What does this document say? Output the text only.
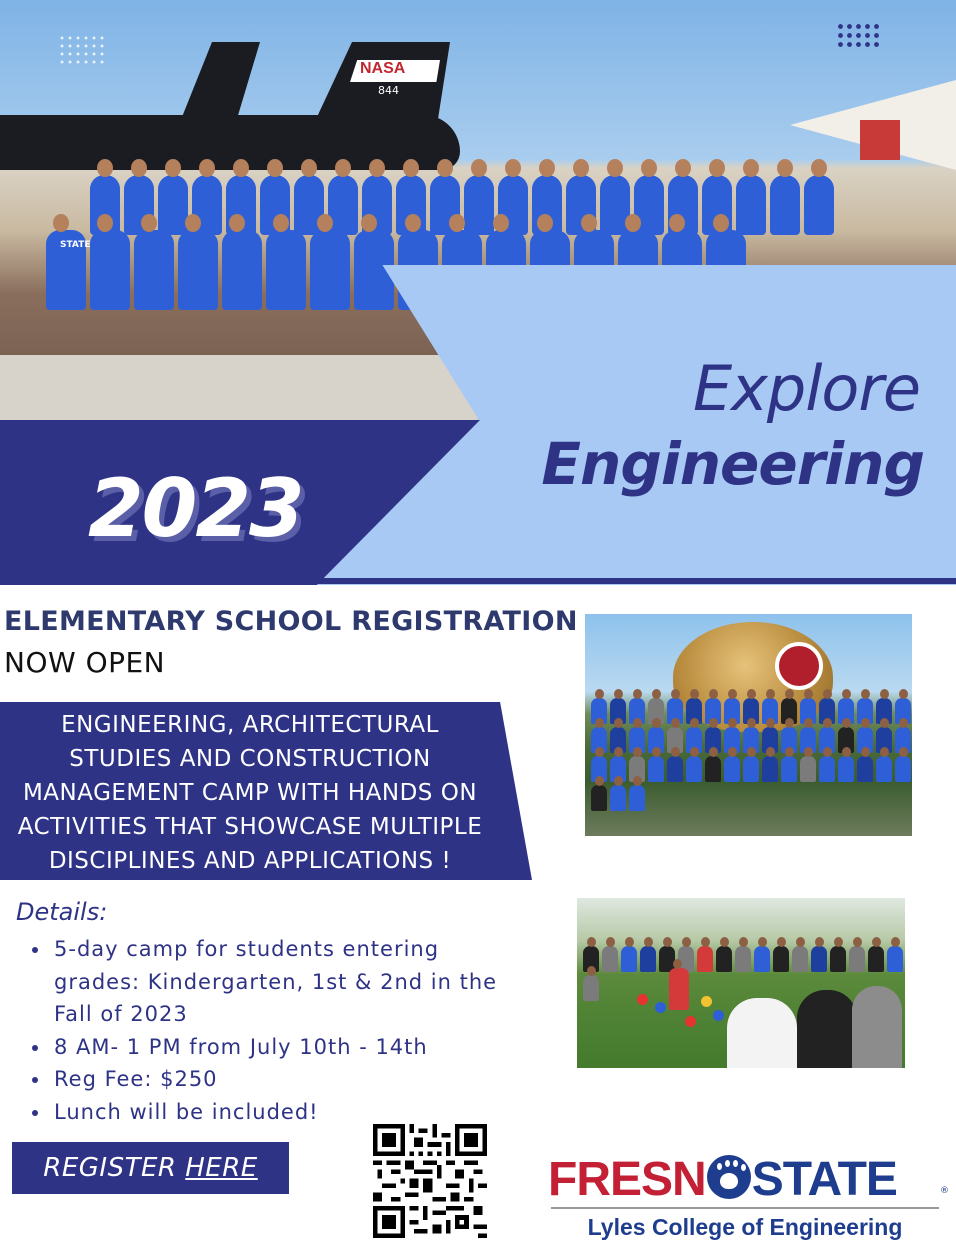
NASA
844
STATE
Explore
Engineering
2023
ELEMENTARY SCHOOL REGISTRATION
NOW OPEN
ENGINEERING, ARCHITECTURAL
STUDIES AND CONSTRUCTION
MANAGEMENT CAMP WITH HANDS ON
ACTIVITIES THAT SHOWCASE MULTIPLE
DISCIPLINES AND APPLICATIONS !
Details:
5-day camp for students entering grades: Kindergarten, 1st & 2nd in the Fall of 2023
8 AM- 1 PM from July 10th - 14th
Reg Fee: $250
Lunch will be included!
REGISTER HERE	FRESN STATE	®
Lyles College of Engineering
